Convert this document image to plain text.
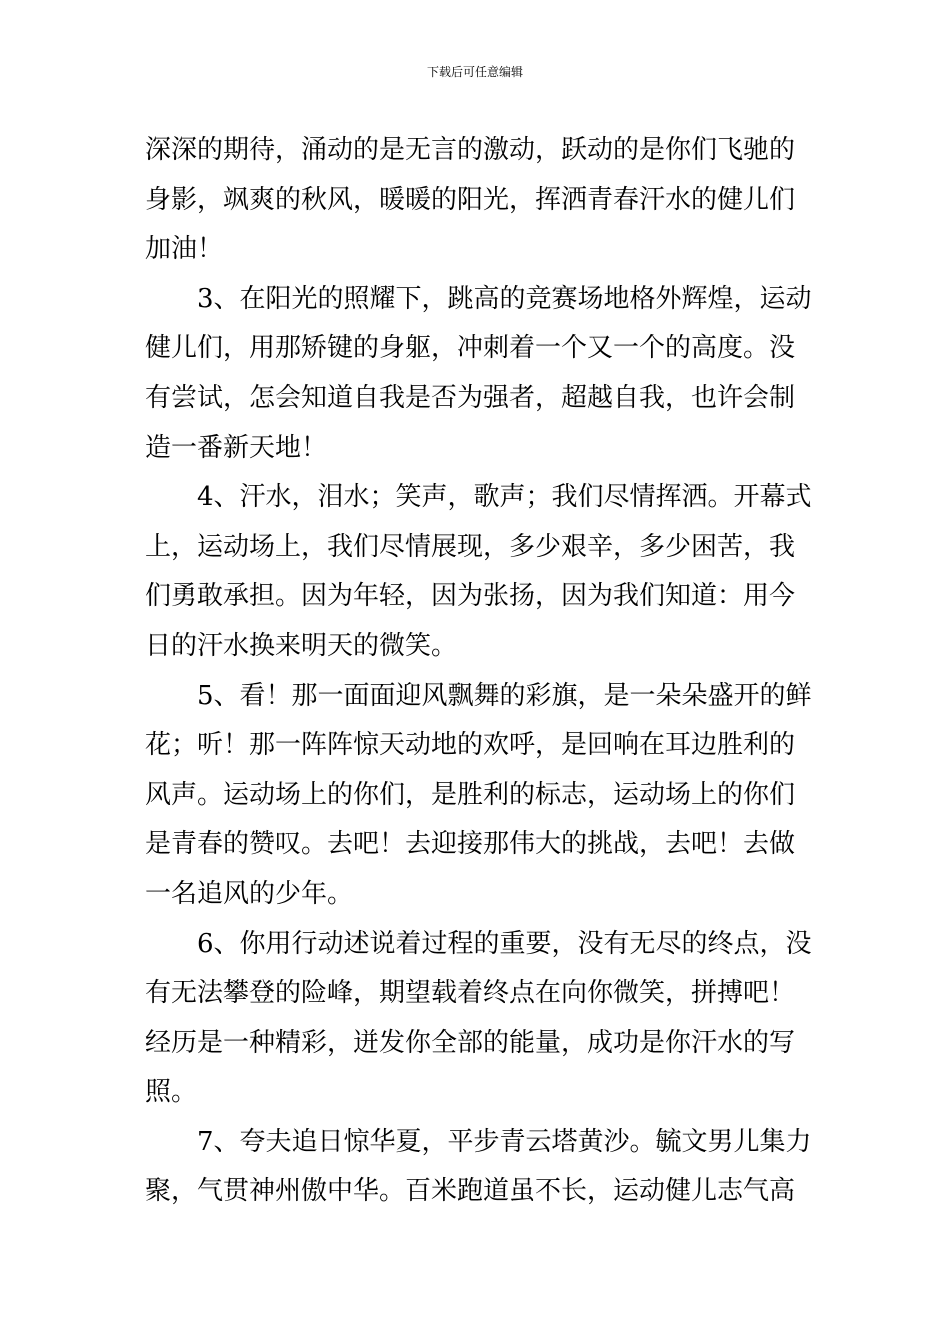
下载后可任意编辑
深深的期待，涌动的是无言的激动，跃动的是你们飞驰的
身影，飒爽的秋风，暖暖的阳光，挥洒青春汗水的健儿们
加油！
3、在阳光的照耀下，跳高的竞赛场地格外辉煌，运动
健儿们，用那矫键的身躯，冲刺着一个又一个的高度。没
有尝试，怎会知道自我是否为强者，超越自我，也许会制
造一番新天地！
4、汗水，泪水；笑声，歌声；我们尽情挥洒。开幕式
上，运动场上，我们尽情展现，多少艰辛，多少困苦，我
们勇敢承担。因为年轻，因为张扬，因为我们知道：用今
日的汗水换来明天的微笑。
5、看！那一面面迎风飘舞的彩旗，是一朵朵盛开的鲜
花；听！那一阵阵惊天动地的欢呼，是回响在耳边胜利的
风声。运动场上的你们，是胜利的标志，运动场上的你们
是青春的赞叹。去吧！去迎接那伟大的挑战，去吧！去做
一名追风的少年。
6、你用行动述说着过程的重要，没有无尽的终点，没
有无法攀登的险峰，期望载着终点在向你微笑，拼搏吧！
经历是一种精彩，迸发你全部的能量，成功是你汗水的写
照。
7、夸夫追日惊华夏，平步青云塔黄沙。毓文男儿集力
聚，气贯神州傲中华。百米跑道虽不长，运动健儿志气高
